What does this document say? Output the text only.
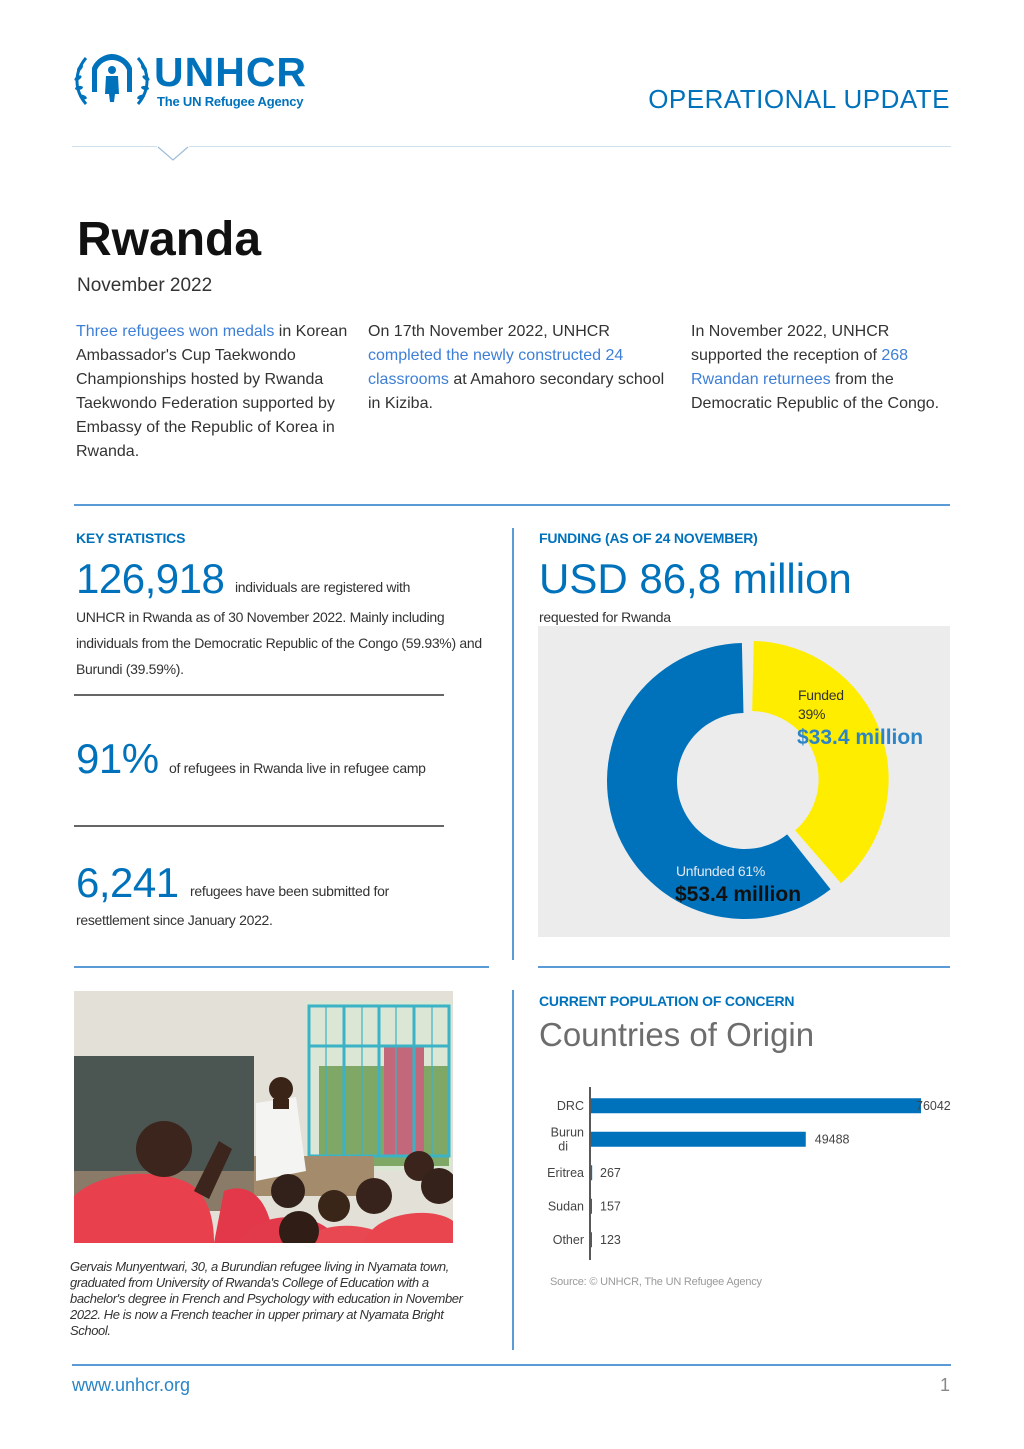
UNHCR
The UN Refugee Agency	OPERATIONAL UPDATE
Rwanda
November 2022
Three refugees won medals in Korean Ambassador's Cup Taekwondo Championships hosted by Rwanda Taekwondo Federation supported by Embassy of the Republic of Korea in Rwanda.
On 17th November 2022, UNHCR completed the newly constructed 24 classrooms at Amahoro secondary school in Kiziba.
In November 2022, UNHCR supported the reception of 268 Rwandan returnees from the Democratic Republic of the Congo.
KEY STATISTICS
126,918 individuals are registered with
UNHCR in Rwanda as of 30 November 2022. Mainly including individuals from the Democratic Republic of the Congo (59.93%) and Burundi (39.59%).
91% of refugees in Rwanda live in refugee camp
6,241 refugees have been submitted for
resettlement since January 2022.
FUNDING (AS OF 24 NOVEMBER)
USD 86,8 million
requested for Rwanda
Funded
39%
$33.4 million
Unfunded 61%
$53.4 million
Gervais Munyentwari, 30, a Burundian refugee living in Nyamata town, graduated from University of Rwanda's College of Education with a bachelor's degree in French and Psychology with education in November 2022. He is now a French teacher in upper primary at Nyamata Bright School.
CURRENT POPULATION OF CONCERN
Countries of Origin
DRC	76042
Burun di	49488
Eritrea 267
Sudan 157
Other 123
Source: © UNHCR, The UN Refugee Agency
www.unhcr.org	1
